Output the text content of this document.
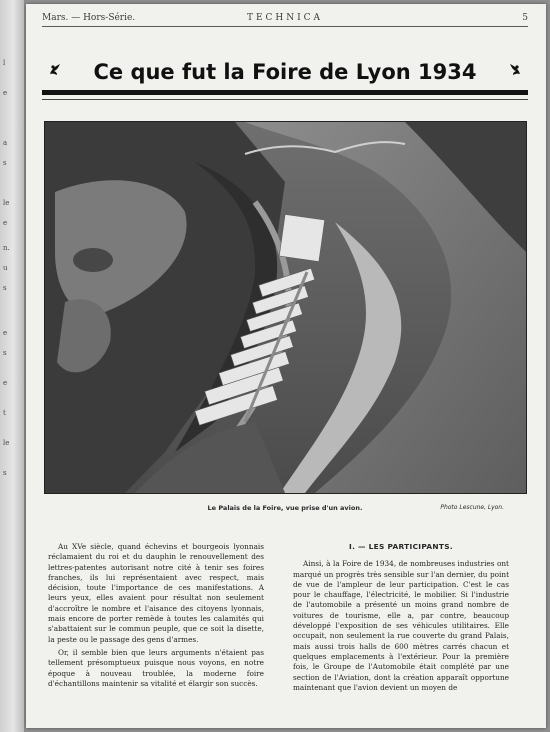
l
e
a
s
le
e
n.
u
s
e
s
e
t
le
s
Mars. — Hors-Série.	TECHNICA	5
Ce que fut la Foire de Lyon 1934
Le Palais de la Foire, vue prise d'un avion.	Photo Lescune, Lyon.

Au XVe siècle, quand échevins et bourgeois lyonnais réclamaient du roi et du dauphin le renouvellement des lettres-patentes autorisant notre cité à tenir ses foires franches, ils lui représentaient avec respect, mais décision, toute l'importance de ces manifestations. A leurs yeux, elles avaient pour résultat non seulement d'accroître le nombre et l'aisance des citoyens lyonnais, mais encore de porter remède à toutes les calamités qui s'abattaient sur le commun peuple, que ce soit la disette, la peste ou le passage des gens d'armes.

Or, il semble bien que leurs arguments n'étaient pas tellement présomptueux puisque nous voyons, en notre époque à nouveau troublée, la moderne foire d'échantillons maintenir sa vitalité et élargir son succès.

I. — LES PARTICIPANTS.

Ainsi, à la Foire de 1934, de nombreuses industries ont marqué un progrès très sensible sur l'an dernier, du point de vue de l'ampleur de leur participation. C'est le cas pour le chauffage, l'électricité, le mobilier. Si l'industrie de l'automobile a présenté un moins grand nombre de voitures de tourisme, elle a, par contre, beaucoup développé l'exposition de ses véhicules utilitaires. Elle occupait, non seulement la rue couverte du grand Palais, mais aussi trois halls de 600 mètres carrés chacun et quelques emplacements à l'extérieur. Pour la première fois, le Groupe de l'Automobile était complété par une section de l'Aviation, dont la création apparaît opportune maintenant que l'avion devient un moyen de
